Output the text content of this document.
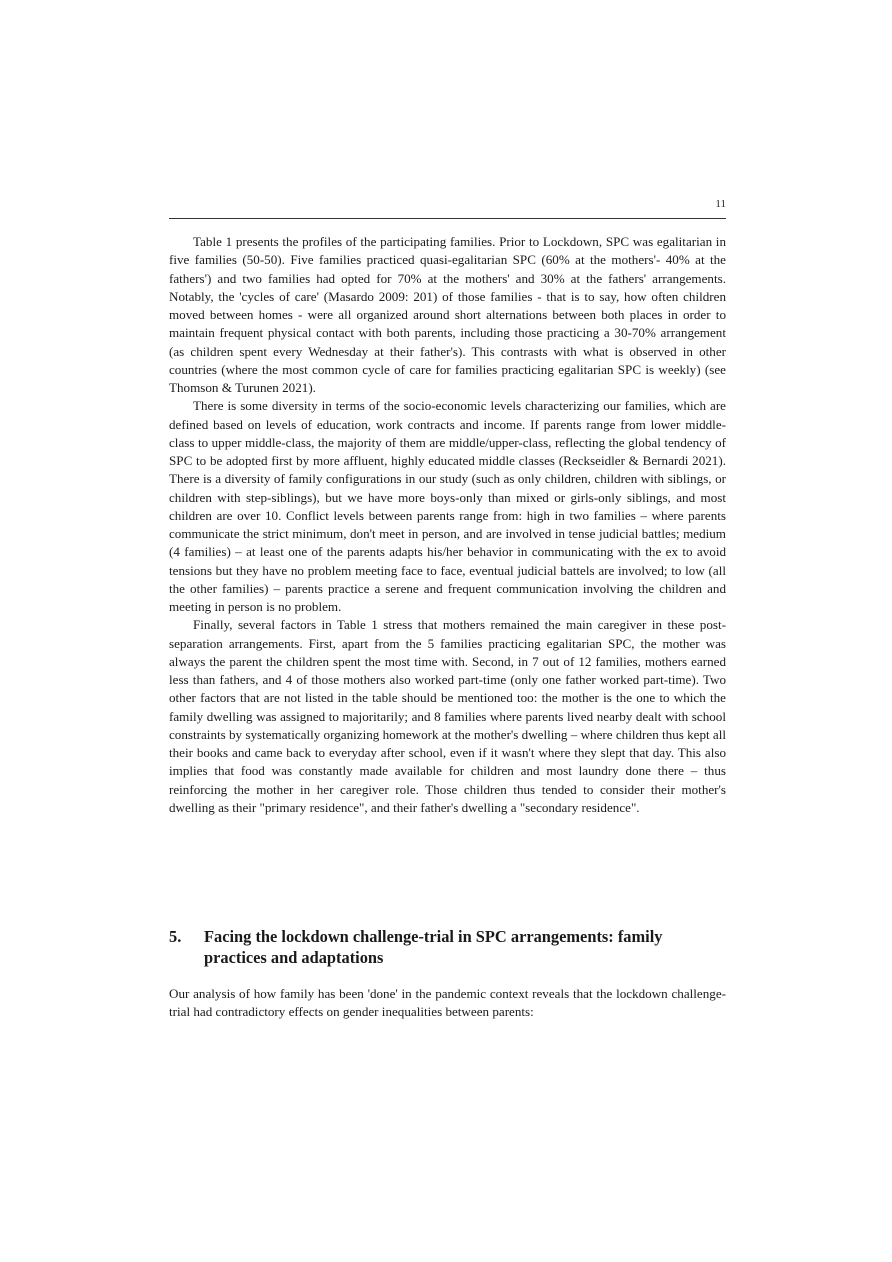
11

Table 1 presents the profiles of the participating families. Prior to Lockdown, SPC was egalitarian in five families (50-50). Five families practiced quasi-egalitarian SPC (60% at the mothers'- 40% at the fathers') and two families had opted for 70% at the mothers' and 30% at the fathers' arrangements. Notably, the 'cycles of care' (Masardo 2009: 201) of those families - that is to say, how often children moved between homes - were all organized around short alternations between both places in order to maintain frequent physical contact with both parents, including those practicing a 30-70% arrangement (as children spent every Wednesday at their father's). This contrasts with what is observed in other countries (where the most common cycle of care for families practicing egalitarian SPC is weekly) (see Thomson & Turunen 2021).

There is some diversity in terms of the socio-economic levels characterizing our families, which are defined based on levels of education, work contracts and income. If parents range from lower middle-class to upper middle-class, the majority of them are middle/upper-class, reflecting the global tendency of SPC to be adopted first by more affluent, highly educated middle classes (Reckseidler & Bernardi 2021). There is a diversity of family configurations in our study (such as only children, children with siblings, or children with step-siblings), but we have more boys-only than mixed or girls-only siblings, and most children are over 10. Conflict levels between parents range from: high in two families – where parents communicate the strict minimum, don't meet in person, and are involved in tense judicial battles; medium (4 families) – at least one of the parents adapts his/her behavior in communicating with the ex to avoid tensions but they have no problem meeting face to face, eventual judicial battels are involved; to low (all the other families) – parents practice a serene and frequent communication involving the children and meeting in person is no problem.

Finally, several factors in Table 1 stress that mothers remained the main caregiver in these post-separation arrangements. First, apart from the 5 families practicing egalitarian SPC, the mother was always the parent the children spent the most time with. Second, in 7 out of 12 families, mothers earned less than fathers, and 4 of those mothers also worked part-time (only one father worked part-time). Two other factors that are not listed in the table should be mentioned too: the mother is the one to which the family dwelling was assigned to majoritarily; and 8 families where parents lived nearby dealt with school constraints by systematically organizing homework at the mother's dwelling – where children thus kept all their books and came back to everyday after school, even if it wasn't where they slept that day. This also implies that food was constantly made available for children and most laundry done there – thus reinforcing the mother in her caregiver role. Those children thus tended to consider their mother's dwelling as their "primary residence", and their father's dwelling a "secondary residence".

5.	Facing the lockdown challenge-trial in SPC arrangements: family practices and adaptations

Our analysis of how family has been 'done' in the pandemic context reveals that the lockdown challenge-trial had contradictory effects on gender inequalities between parents:
